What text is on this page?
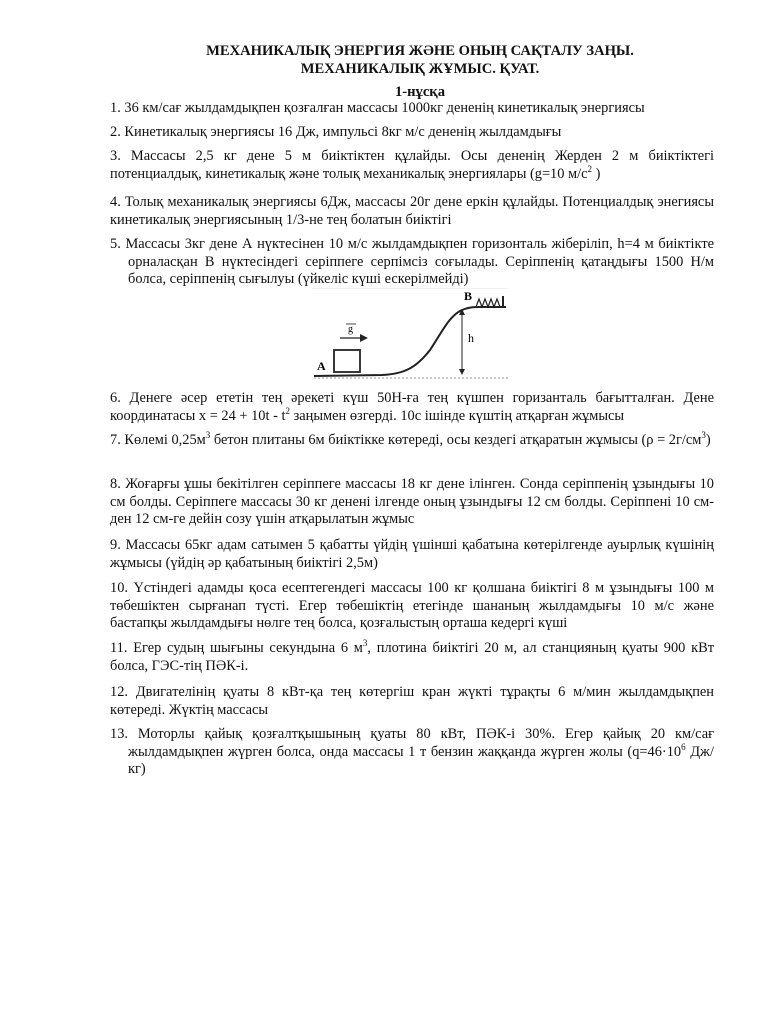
МЕХАНИКАЛЫҚ ЭНЕРГИЯ ЖӘНЕ ОНЫҢ САҚТАЛУ ЗАҢЫ.
МЕХАНИКАЛЫҚ ЖҰМЫС. ҚУАТ.
1-нұсқа
1. 36 км/сағ жылдамдықпен қозғалған массасы 1000кг дененің кинетикалық энергиясы
2. Кинетикалық энергиясы 16 Дж, импульсі 8кг м/с дененің жылдамдығы
3. Массасы 2,5 кг дене 5 м биіктіктен құлайды. Осы дененің Жерден 2 м биіктіктегі потенциалдық, кинетикалық және толық механикалық энергиялары (g=10 $м/с^2$ )
4. Толық механикалық энергиясы 6Дж, массасы 20г дене еркін құлайды. Потенциалдық энегиясы кинетикалық энергиясының 1/3-не тең болатын биіктігі
5. Массасы 3кг дене А нүктесінен 10 м/с жылдамдықпен горизонталь жіберіліп, h=4 м биіктікте орналасқан В нүктесіндегі серіппеге серпімсіз соғылады. Серіппенің қатаңдығы 1500 Н/м болса, серіппенің сығылуы (үйкеліс күші ескерілмейді)
A
g
B
h
6. Денеге әсер ететін тең әрекеті күш 50Н-ға тең күшпен горизанталь бағытталған. Дене координатасы $x = 24 + 10t - t^2$ заңымен өзгерді. 10с ішінде күштің атқарған жұмысы
7. Көлемі $0,25м^3$ бетон плитаны 6м биіктікке көтереді, осы кездегі атқаратын жұмысы $(\rho = 2г/см^3)$
8. Жоғарғы ұшы бекітілген серіппеге массасы 18 кг дене ілінген. Сонда серіппенің ұзындығы 10 см болды. Серіппеге массасы 30 кг денені ілгенде оның ұзындығы 12 см болды. Серіппені 10 см-ден 12 см-ге дейін созу үшін атқарылатын жұмыс
9. Массасы 65кг адам сатымен 5 қабатты үйдің үшінші қабатына көтерілгенде ауырлық күшінің жұмысы (үйдің әр қабатының биіктігі 2,5м)
10. Үстіндегі адамды қоса есептегендегі массасы 100 кг қолшана биіктігі 8 м ұзындығы 100 м төбешіктен сырғанап түсті. Егер төбешіктің етегінде шананың жылдамдығы 10 м/с және бастапқы жылдамдығы нөлге тең болса, қозғалыстың орташа кедергі күші
11. Егер судың шығыны секундына 6 $м^3$, плотина биіктігі 20 м, ал станцияның қуаты 900 кВт болса, ГЭС-тің ПӘК-і.
12. Двигателінің қуаты 8 кВт-қа тең көтергіш кран жүкті тұрақты 6 м/мин жылдамдықпен көтереді. Жүктің массасы
13. Моторлы қайық қозғалтқышының қуаты 80 кВт, ПӘК-і 30%. Егер қайық 20 км/сағ жылдамдықпен жүрген болса, онда массасы 1 т бензин жаққанда жүрген жолы ($q=46\cdot 10^6$ Дж/кг)
